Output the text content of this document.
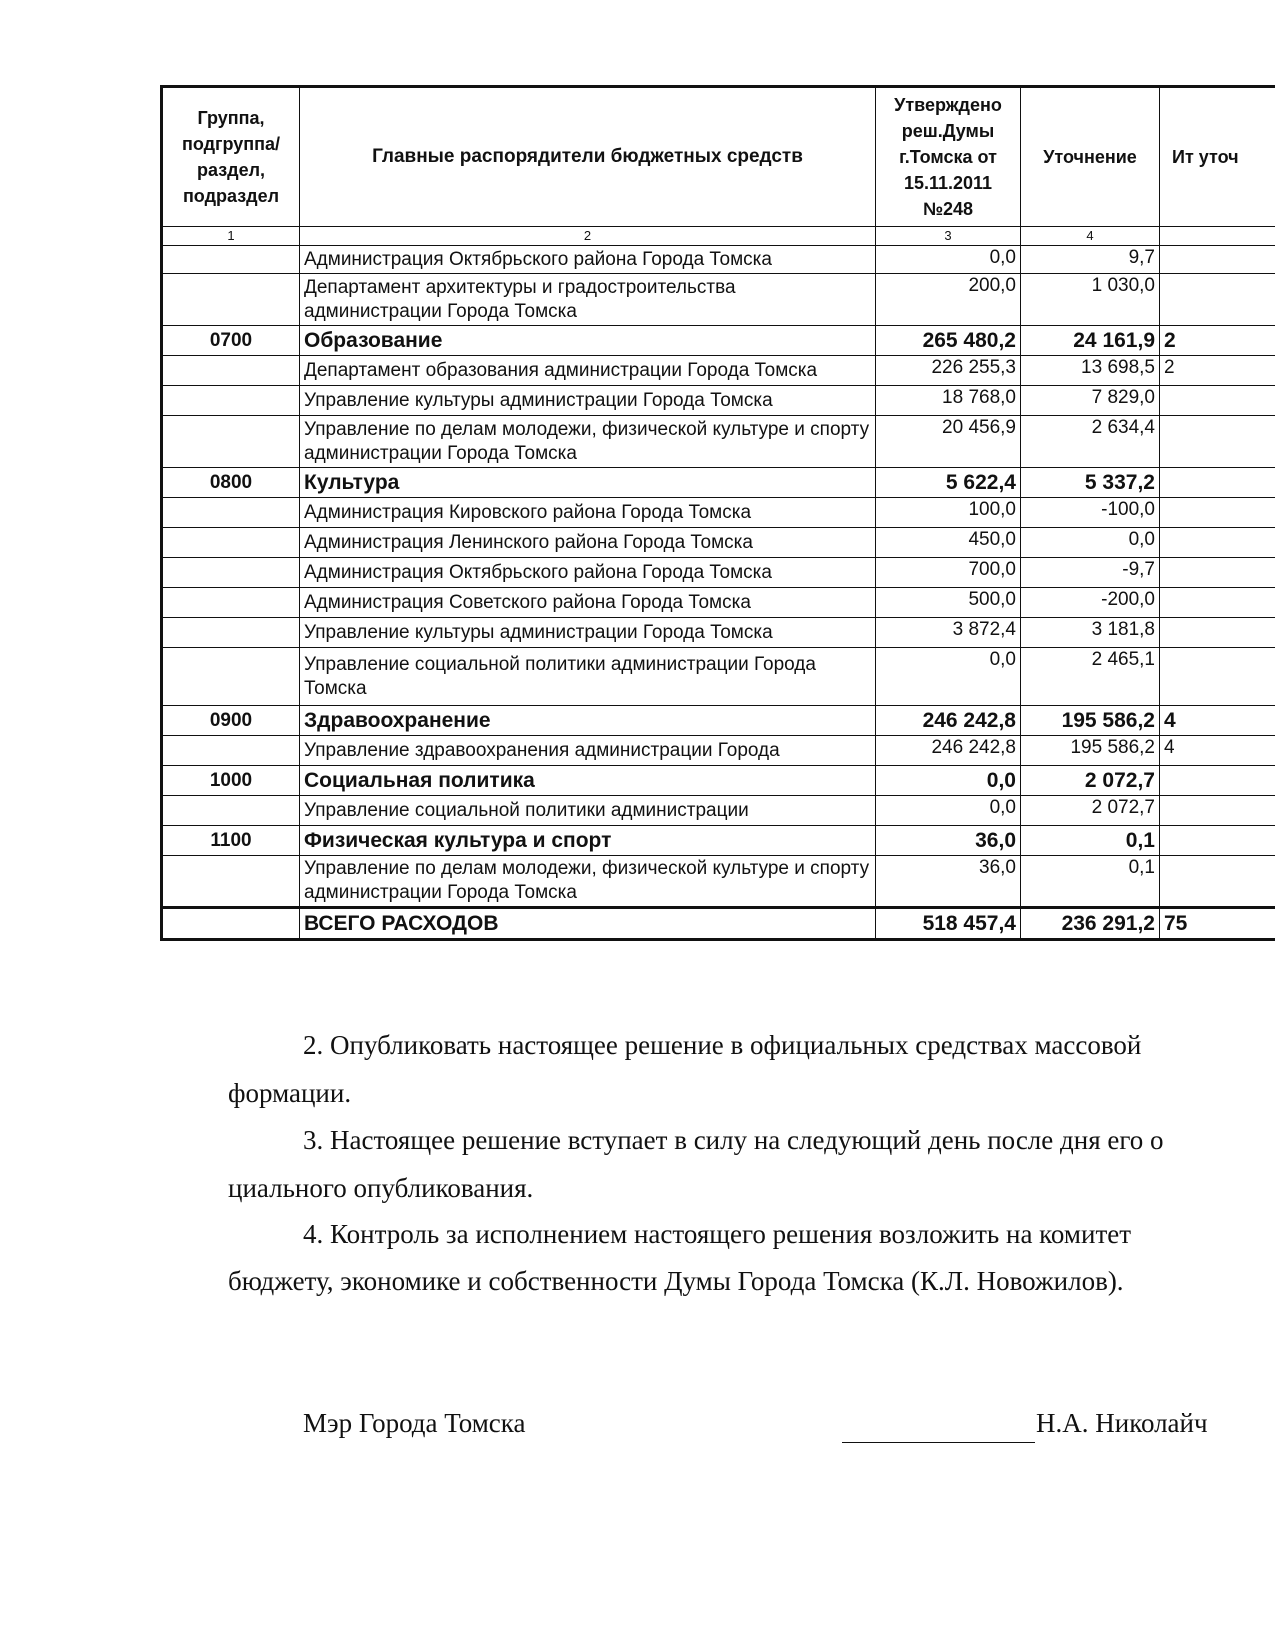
Группа, подгруппа/ раздел, подраздел	Главные распорядители бюджетных средств	Утверждено реш.Думы г.Томска от 15.11.2011 №248	Уточнение	Ит уточ
1	2	3	4	
	Администрация Октябрьского района Города Томска	0,0	9,7	
	Департамент архитектуры и градостроительства администрации Города Томска	200,0	1 030,0	
0700	Образование	265 480,2	24 161,9	2
	Департамент образования администрации Города Томска	226 255,3	13 698,5	2
	Управление культуры администрации Города Томска	18 768,0	7 829,0	
	Управление по делам молодежи, физической культуре и спорту администрации Города Томска	20 456,9	2 634,4	
0800	Культура	5 622,4	5 337,2	
	Администрация Кировского района Города Томска	100,0	-100,0	
	Администрация Ленинского района Города Томска	450,0	0,0	
	Администрация Октябрьского района Города Томска	700,0	-9,7	
	Администрация Советского района Города Томска	500,0	-200,0	
	Управление культуры администрации Города Томска	3 872,4	3 181,8	
	Управление социальной политики администрации Города Томска	0,0	2 465,1	
0900	Здравоохранение	246 242,8	195 586,2	4
	Управление здравоохранения администрации Города	246 242,8	195 586,2	4
1000	Социальная политика	0,0	2 072,7	
	Управление социальной политики администрации	0,0	2 072,7	
1100	Физическая культура и спорт	36,0	0,1	
	Управление по делам молодежи, физической культуре и спорту администрации Города Томска	36,0	0,1	
	ВСЕГО РАСХОДОВ	518 457,4	236 291,2	75
2. Опубликовать настоящее решение в официальных средствах массовой
формации.
3. Настоящее решение вступает в силу на следующий день после дня его о
циального опубликования.
4. Контроль за исполнением настоящего решения возложить на комитет
бюджету, экономике и собственности Думы Города Томска (К.Л. Новожилов).
Мэр Города Томска	Н.А. Николайч
